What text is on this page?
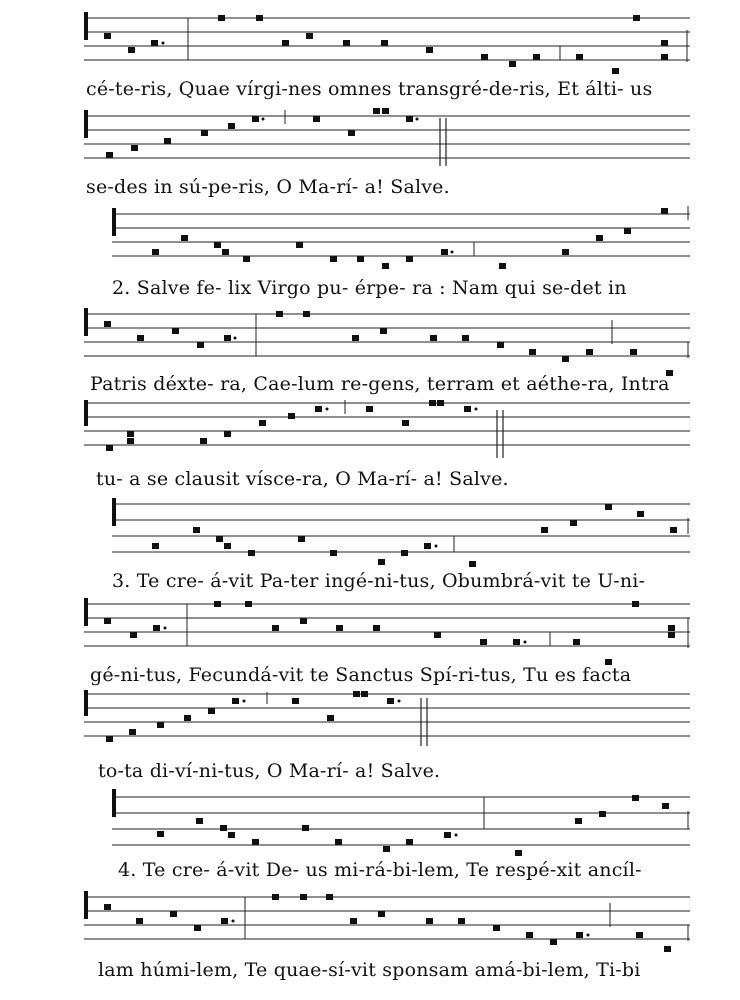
cé-te-ris, Quae vírgi-nes omnes transgré-de-ris, Et álti- us
se-des in sú-pe-ris, O Ma-rí- a! Salve.
2. Salve fe- lix Virgo pu- érpe- ra : Nam qui se-det in
Patris déxte- ra, Cae-lum re-gens, terram et aéthe-ra, Intra
tu- a se clausit víscе-ra, O Ma-rí- a! Salve.
3. Te cre- á-vit Pa-ter ingé-ni-tus, Obumbrá-vit te U-ni-
gé-ni-tus, Fecundá-vit te Sanctus Spí-ri-tus, Tu es facta
to-ta di-ví-ni-tus, O Ma-rí- a! Salve.
4. Te cre- á-vit De- us mi-rá-bi-lem, Te respé-xit ancíl-
lam húmi-lem, Te quae-sí-vit sponsam amá-bi-lem, Ti-bi
